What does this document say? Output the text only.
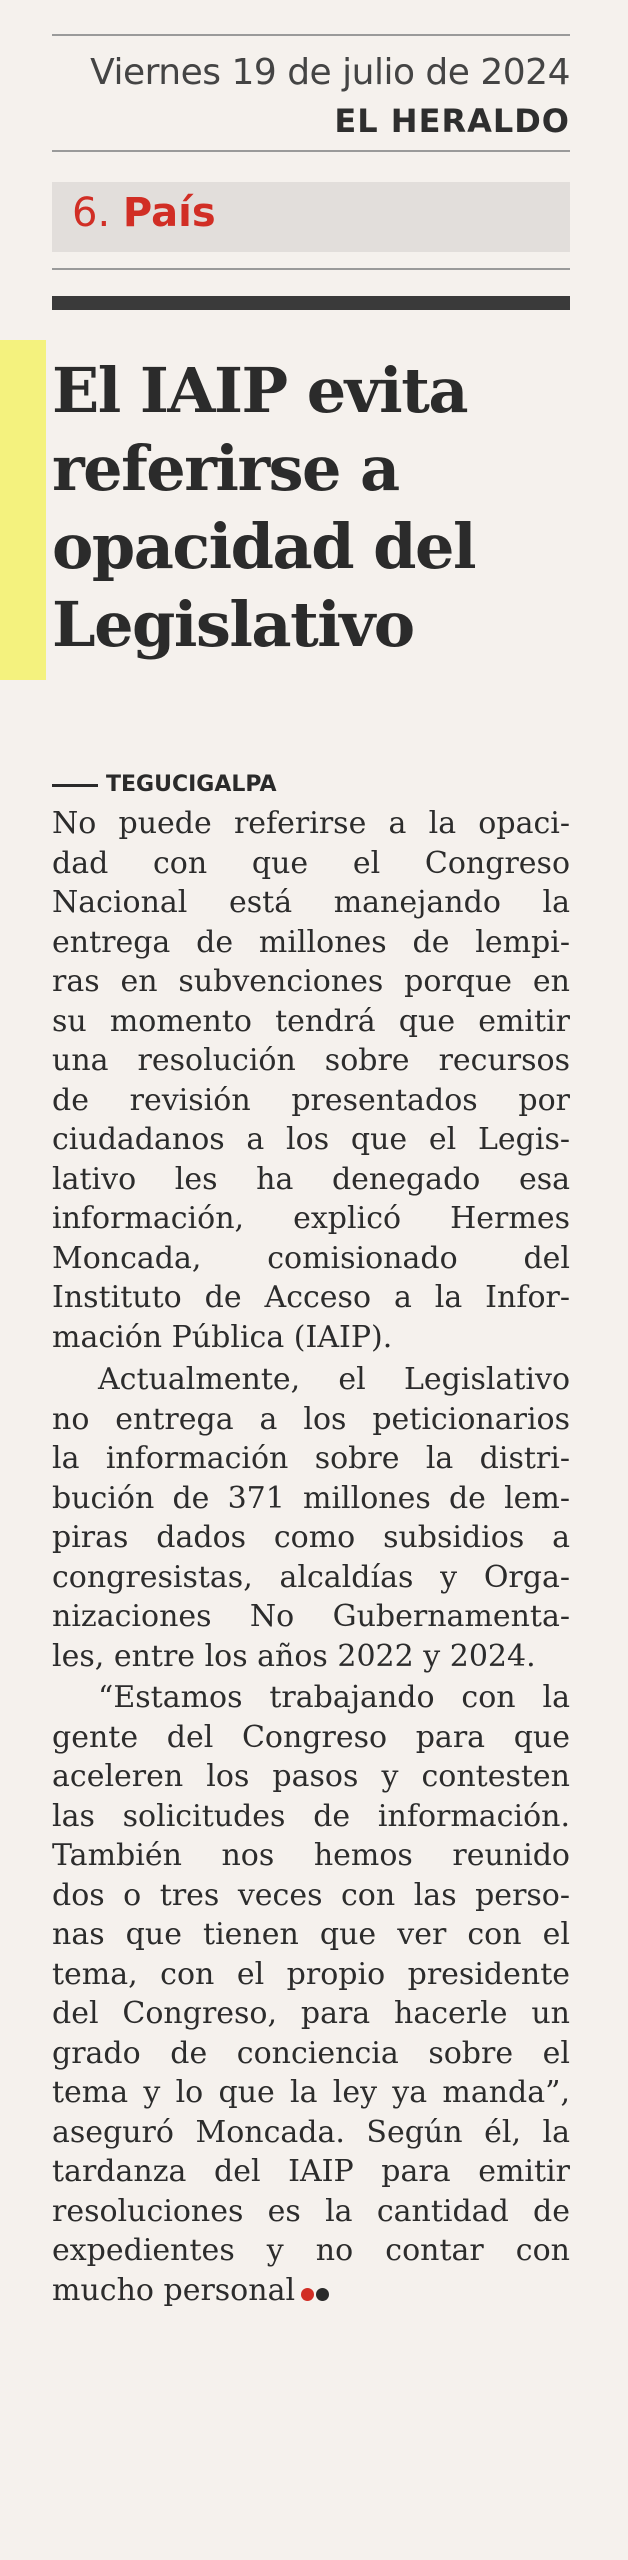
Viernes 19 de julio de 2024
EL HERALDO
6. País
El IAIP evita
referirse a
opacidad del
Legislativo
TEGUCIGALPA
No puede referirse a la opaci-
dad con que el Congreso
Nacional está manejando la
entrega de millones de lempi-
ras en subvenciones porque en
su momento tendrá que emitir
una resolución sobre recursos
de revisión presentados por
ciudadanos a los que el Legis-
lativo les ha denegado esa
información, explicó Hermes
Moncada, comisionado del
Instituto de Acceso a la Infor-
mación Pública (IAIP).
Actualmente, el Legislativo
no entrega a los peticionarios
la información sobre la distri-
bución de 371 millones de lem-
piras dados como subsidios a
congresistas, alcaldías y Orga-
nizaciones No Gubernamenta-
les, entre los años 2022 y 2024.
“Estamos trabajando con la
gente del Congreso para que
aceleren los pasos y contesten
las solicitudes de información.
También nos hemos reunido
dos o tres veces con las perso-
nas que tienen que ver con el
tema, con el propio presidente
del Congreso, para hacerle un
grado de conciencia sobre el
tema y lo que la ley ya manda”,
aseguró Moncada. Según él, la
tardanza del IAIP para emitir
resoluciones es la cantidad de
expedientes y no contar con
mucho personal
